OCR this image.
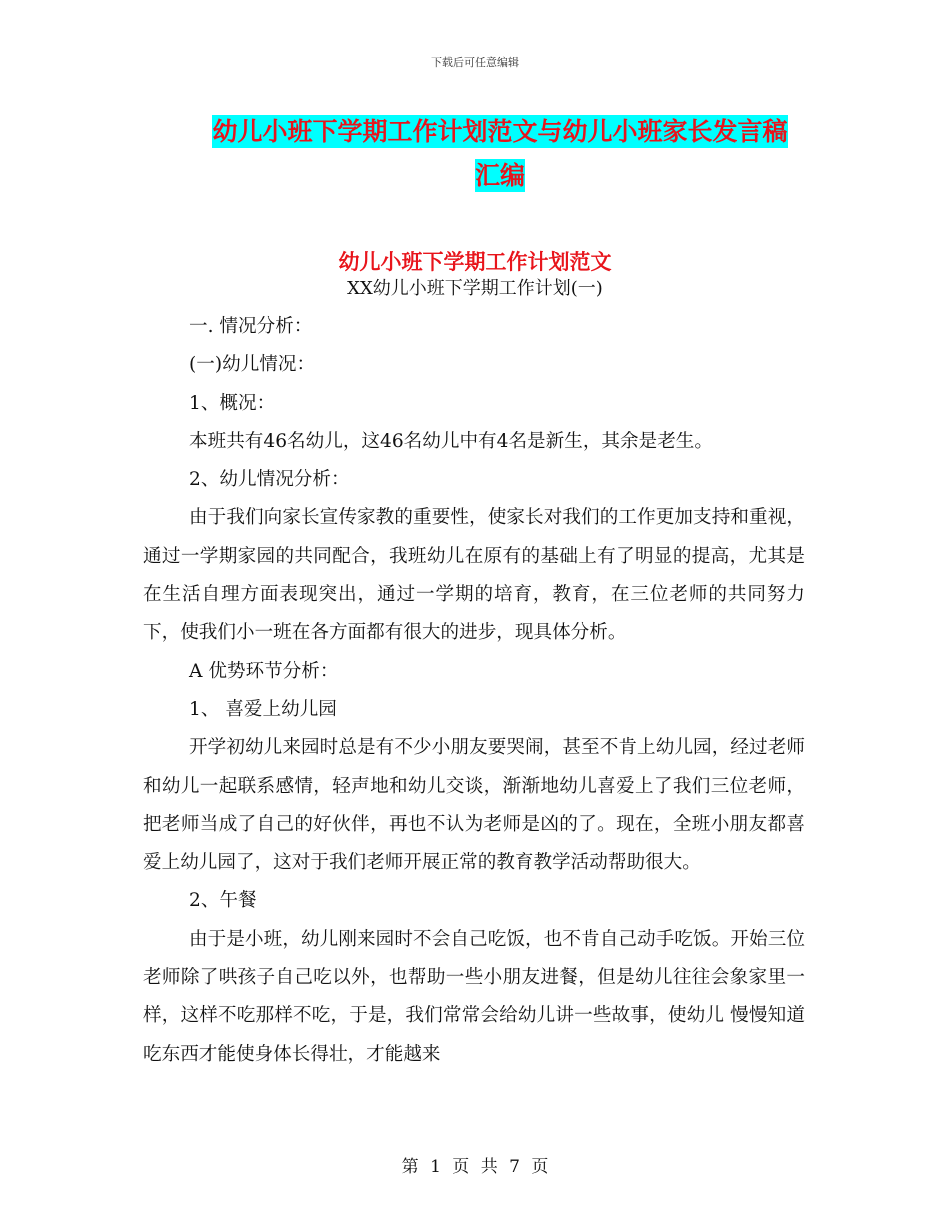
下载后可任意编辑
幼儿小班下学期工作计划范文与幼儿小班家长发言稿
汇编
幼儿小班下学期工作计划范文
XX幼儿小班下学期工作计划(一)

一. 情况分析：

(一)幼儿情况：

1、概况：

本班共有46名幼儿，这46名幼儿中有4名是新生，其余是老生。

2、幼儿情况分析：

由于我们向家长宣传家教的重要性，使家长对我们的工作更加支持和重视，通过一学期家园的共同配合，我班幼儿在原有的基础上有了明显的提高，尤其是在生活自理方面表现突出，通过一学期的培育，教育，在三位老师的共同努力下，使我们小一班在各方面都有很大的进步，现具体分析。

A 优势环节分析：

1、 喜爱上幼儿园

开学初幼儿来园时总是有不少小朋友要哭闹，甚至不肯上幼儿园，经过老师和幼儿一起联系感情，轻声地和幼儿交谈，渐渐地幼儿喜爱上了我们三位老师，把老师当成了自己的好伙伴，再也不认为老师是凶的了。现在，全班小朋友都喜爱上幼儿园了，这对于我们老师开展正常的教育教学活动帮助很大。

2、午餐

由于是小班，幼儿刚来园时不会自己吃饭，也不肯自己动手吃饭。开始三位老师除了哄孩子自己吃以外，也帮助一些小朋友进餐，但是幼儿往往会象家里一样，这样不吃那样不吃，于是，我们常常会给幼儿讲一些故事，使幼儿 慢慢知道吃东西才能使身体长得壮，才能越来

第 1 页 共 7 页
